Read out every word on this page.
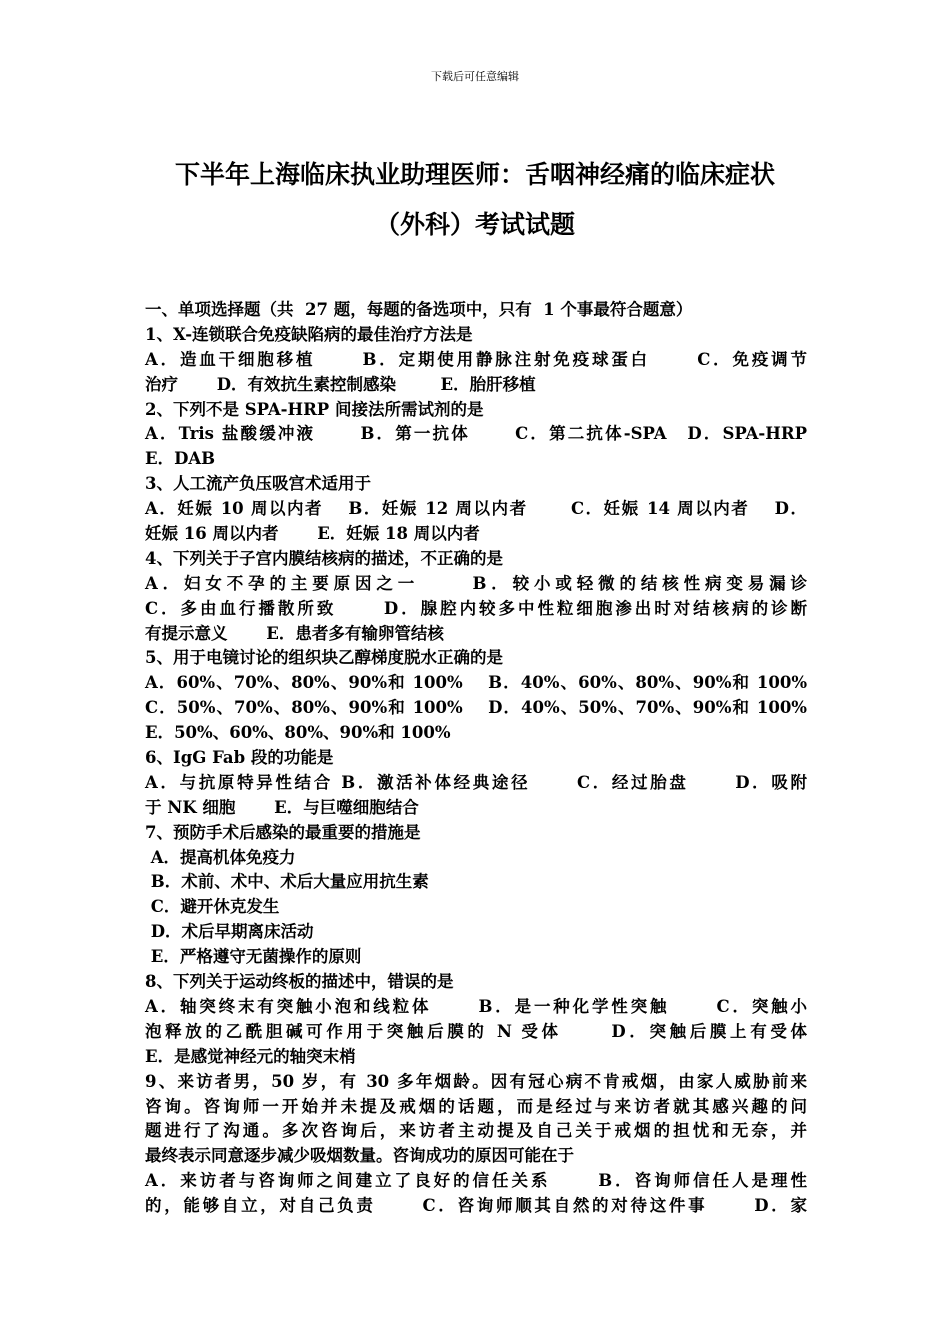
下载后可任意编辑
下半年上海临床执业助理医师：舌咽神经痛的临床症状
（外科）考试试题
一、单项选择题（共  27 题，每题的备选项中，只有  1 个事最符合题意）
1、X-连锁联合免疫缺陷病的最佳治疗方法是
A．造血干细胞移植　　 B．定期使用静脉注射免疫球蛋白　　 C．免疫调节
治疗　　 D．有效抗生素控制感染　　  E．胎肝移植
2、下列不是 SPA-HRP 间接法所需试剂的是
A．Tris 盐酸缓冲液　　 B．第一抗体　　 C．第二抗体-SPA　D．SPA-HRP
E．DAB
3、人工流产负压吸宫术适用于
A．妊娠 10 周以内者　 B．妊娠 12 周以内者　　 C．妊娠 14 周以内者　 D．
妊娠 16 周以内者　　 E．妊娠 18 周以内者
4、下列关于子宫内膜结核病的描述，不正确的是
A．妇女不孕的主要原因之一　　 B．较小或轻微的结核性病变易漏诊
C．多由血行播散所致　　 D．腺腔内较多中性粒细胞渗出时对结核病的诊断
有提示意义　　 E．患者多有输卵管结核
5、用于电镜讨论的组织块乙醇梯度脱水正确的是
A．60%、70%、80%、90%和 100%　 B．40%、60%、80%、90%和 100%
C．50%、70%、80%、90%和 100%　 D．40%、50%、70%、90%和 100%
E．50%、60%、80%、90%和 100%
6、IgG Fab 段的功能是
A．与抗原特异性结合 B．激活补体经典途径　　 C．经过胎盘　　 D．吸附
于 NK 细胞　　 E．与巨噬细胞结合
7、预防手术后感染的最重要的措施是
A．提高机体免疫力
B．术前、术中、术后大量应用抗生素
C．避开休克发生
D．术后早期离床活动
E．严格遵守无菌操作的原则
8、下列关于运动终板的描述中，错误的是
A．轴突终末有突触小泡和线粒体　　 B．是一种化学性突触　　 C．突触小
泡释放的乙酰胆碱可作用于突触后膜的 N 受体　　 D．突触后膜上有受体
E．是感觉神经元的轴突末梢
9、来访者男，50 岁，有 30 多年烟龄。因有冠心病不肯戒烟，由家人威胁前来
咨询。咨询师一开始并未提及戒烟的话题，而是经过与来访者就其感兴趣的问
题进行了沟通。多次咨询后，来访者主动提及自己关于戒烟的担忧和无奈，并
最终表示同意逐步减少吸烟数量。咨询成功的原因可能在于
A．来访者与咨询师之间建立了良好的信任关系　　 B．咨询师信任人是理性
的，能够自立，对自己负责　　 C．咨询师顺其自然的对待这件事　　 D．家
